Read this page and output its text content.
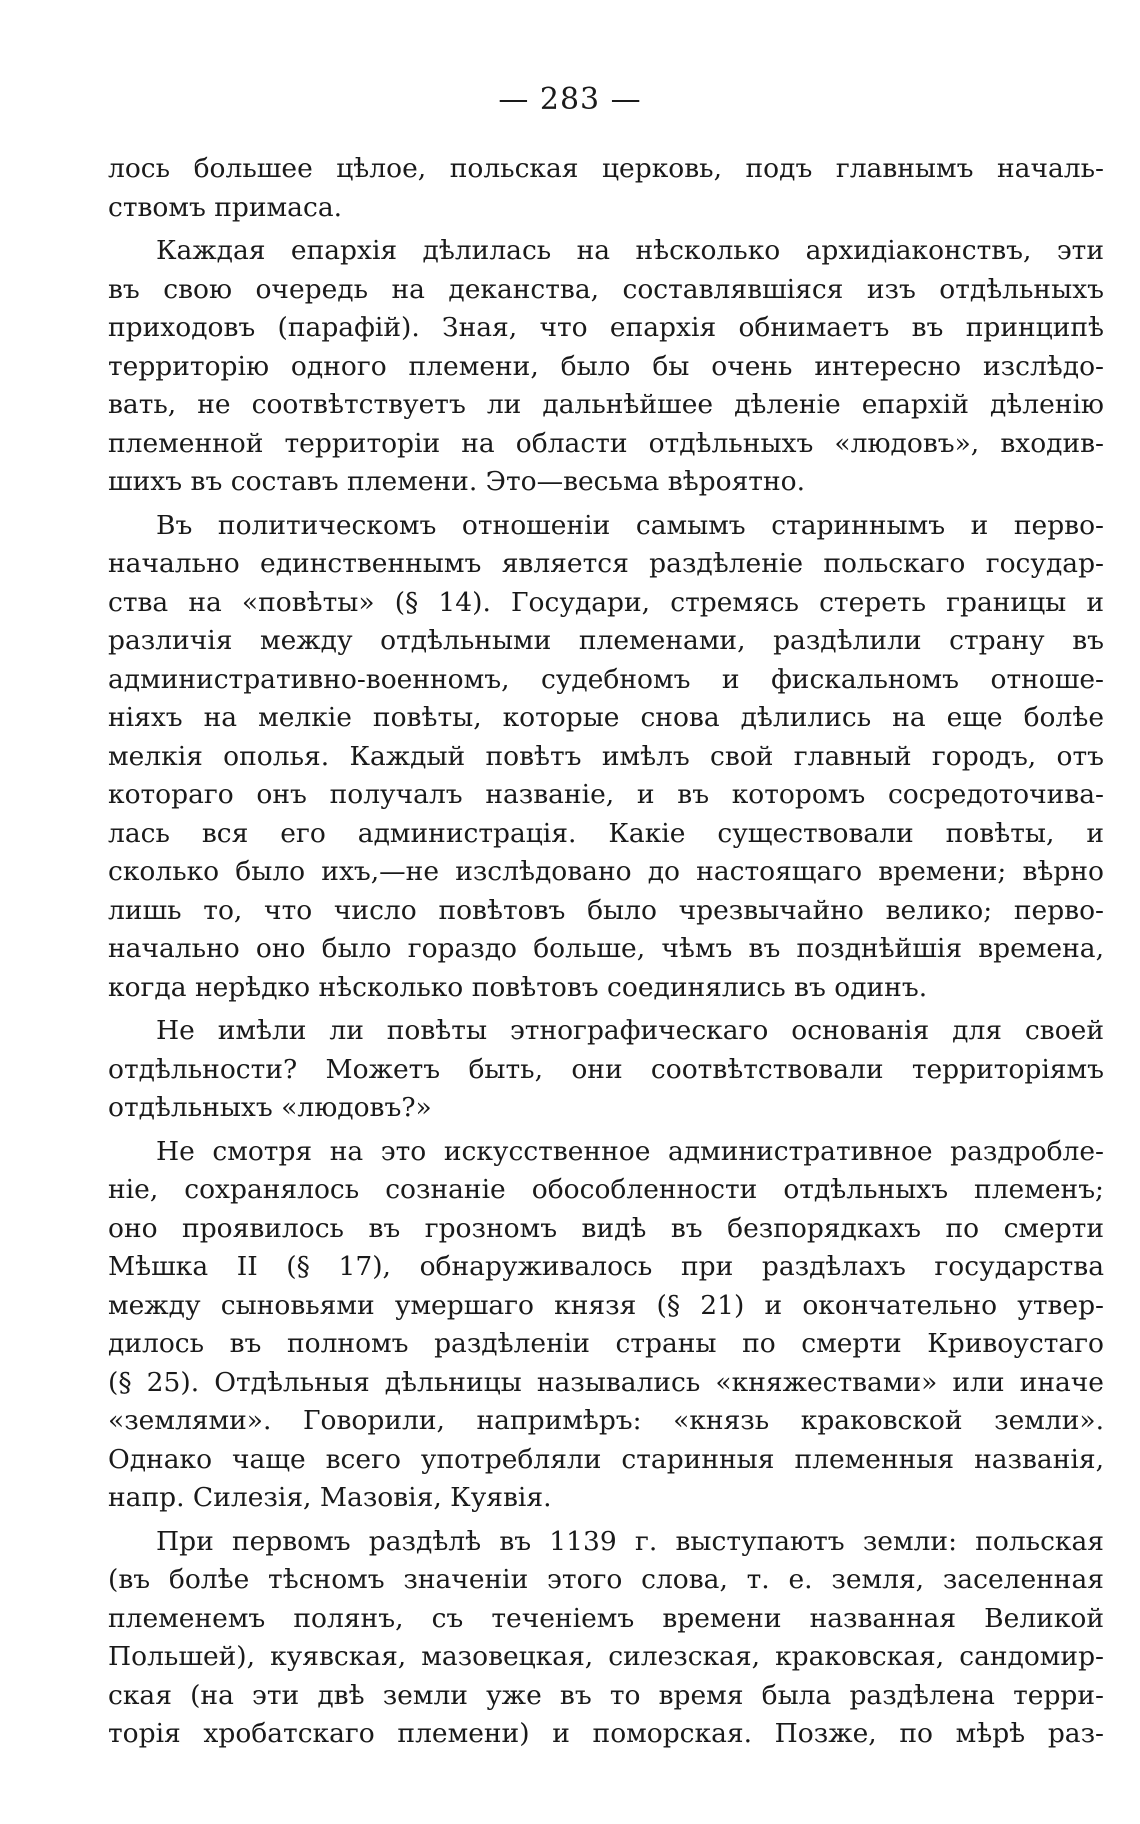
— 283 —
лось большее цѣлое, польская церковь, подъ главнымъ началь-
ствомъ примаса.
Каждая епархія дѣлилась на нѣсколько архидіаконствъ, эти
въ свою очередь на деканства, составлявшіяся изъ отдѣльныхъ
приходовъ (парафій). Зная, что епархія обнимаетъ въ принципѣ
территорію одного племени, было бы очень интересно изслѣдо-
вать, не соотвѣтствуетъ ли дальнѣйшее дѣленіе епархій дѣленію
племенной территоріи на области отдѣльныхъ «людовъ», входив-
шихъ въ составъ племени. Это—весьма вѣроятно.
Въ политическомъ отношеніи самымъ стариннымъ и перво-
начально единственнымъ является раздѣленіе польскаго государ-
ства на «повѣты» (§ 14). Государи, стремясь стереть границы и
различія между отдѣльными племенами, раздѣлили страну въ
административно-военномъ, судебномъ и фискальномъ отноше-
ніяхъ на мелкіе повѣты, которые снова дѣлились на еще болѣе
мелкія ополья. Каждый повѣтъ имѣлъ свой главный городъ, отъ
котораго онъ получалъ названіе, и въ которомъ сосредоточива-
лась вся его администрація. Какіе существовали повѣты, и
сколько было ихъ,—не изслѣдовано до настоящаго времени; вѣрно
лишь то, что число повѣтовъ было чрезвычайно велико; перво-
начально оно было гораздо больше, чѣмъ въ позднѣйшія времена,
когда нерѣдко нѣсколько повѣтовъ соединялись въ одинъ.
Не имѣли ли повѣты этнографическаго основанія для своей
отдѣльности? Можетъ быть, они соотвѣтствовали территоріямъ
отдѣльныхъ «людовъ?»
Не смотря на это искусственное административное раздробле-
ніе, сохранялось сознаніе обособленности отдѣльныхъ племенъ;
оно проявилось въ грозномъ видѣ въ безпорядкахъ по смерти
Мѣшка II (§ 17), обнаруживалось при раздѣлахъ государства
между сыновьями умершаго князя (§ 21) и окончательно утвер-
дилось въ полномъ раздѣленіи страны по смерти Кривоустаго
(§ 25). Отдѣльныя дѣльницы назывались «княжествами» или иначе
«землями». Говорили, напримѣръ: «князь краковской земли».
Однако чаще всего употребляли старинныя племенныя названія,
напр. Силезія, Мазовія, Куявія.
При первомъ раздѣлѣ въ 1139 г. выступаютъ земли: польская
(въ болѣе тѣсномъ значеніи этого слова, т. е. земля, заселенная
племенемъ полянъ, съ теченіемъ времени названная Великой
Польшей), куявская, мазовецкая, силезская, краковская, сандомир-
ская (на эти двѣ земли уже въ то время была раздѣлена терри-
торія хробатскаго племени) и поморская. Позже, по мѣрѣ раз-
